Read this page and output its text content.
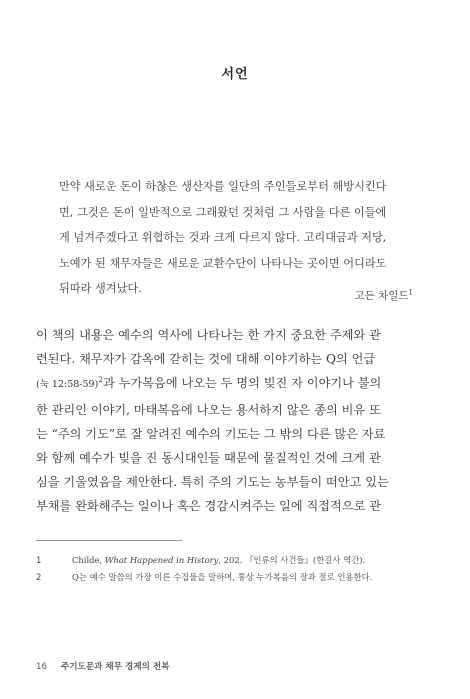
서언
만약 새로운 돈이 하찮은 생산자를 일단의 주인들로부터 해방시킨다
면, 그것은 돈이 일반적으로 그래왔던 것처럼 그 사람을 다른 이들에
게 넘겨주겠다고 위협하는 것과 크게 다르지 않다. 고리대금과 저당,
노예가 된 채무자들은 새로운 교환수단이 나타나는 곳이면 어디라도
뒤따라 생겨났다.
고든 차일드$^1$
이 책의 내용은 예수의 역사에 나타나는 한 가지 중요한 주제와 관
련된다. 채무자가 감옥에 갇히는 것에 대해 이야기하는 Q의 언급
(눅 12:58-59)$^2$과 누가복음에 나오는 두 명의 빚진 자 이야기나 불의
한 관리인 이야기, 마태복음에 나오는 용서하지 않은 종의 비유 또
는 “주의 기도”로 잘 알려진 예수의 기도는 그 밖의 다른 많은 자료
와 함께 예수가 빚을 진 동시대인들 때문에 물질적인 것에 크게 관
심을 기울였음을 제안한다. 특히 주의 기도는 농부들이 떠안고 있는
부채를 완화해주는 일이나 혹은 경감시켜주는 일에 직접적으로 관
1	Childe, What Happened in History, 202. 『인류의 사건들』(한길사 역간).
2	Q는 예수 말씀의 가장 이른 수집물을 말하며, 통상 누가복음의 장과 절로 인용한다.
16 주기도문과 채무 경제의 전복
